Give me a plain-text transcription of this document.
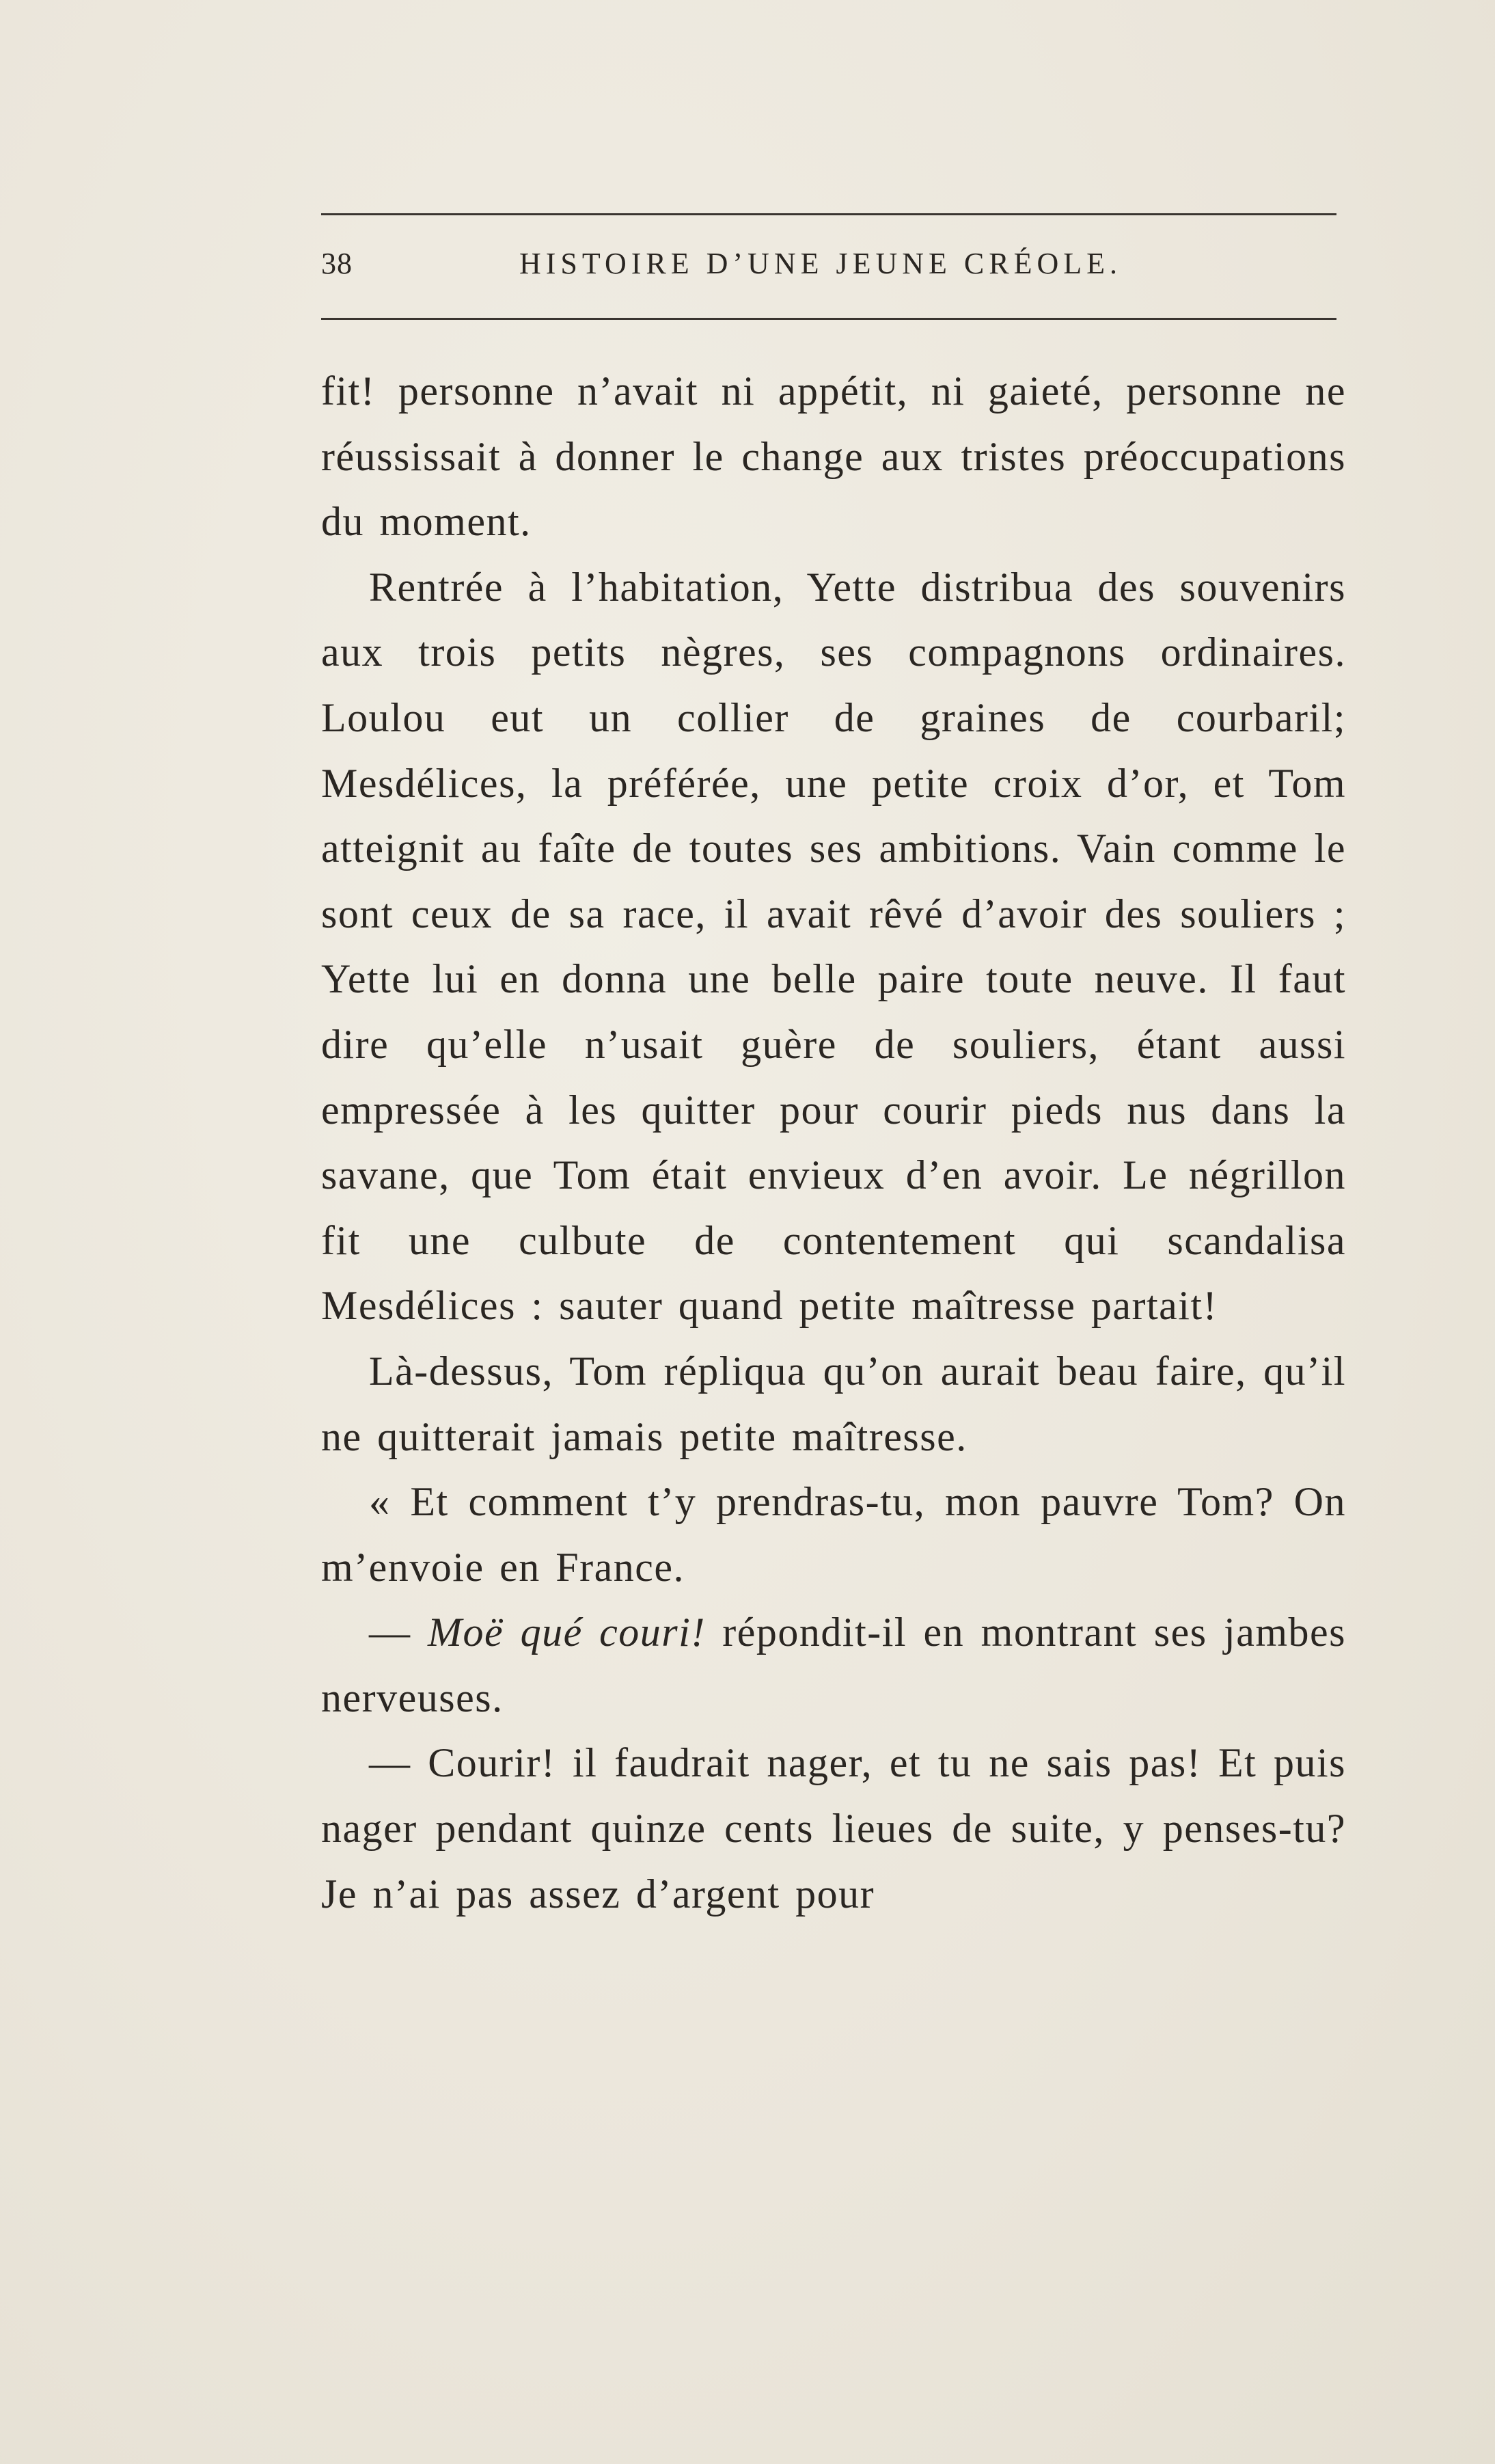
38	HISTOIRE D’UNE JEUNE CRÉOLE.

fit! personne n’avait ni appétit, ni gaieté, personne ne réussissait à donner le change aux tristes préoccupations du moment.

Rentrée à l’habitation, Yette distribua des souvenirs aux trois petits nègres, ses compagnons ordinaires. Loulou eut un collier de graines de courbaril; Mesdélices, la préférée, une petite croix d’or, et Tom atteignit au faîte de toutes ses ambitions. Vain comme le sont ceux de sa race, il avait rêvé d’avoir des souliers ; Yette lui en donna une belle paire toute neuve. Il faut dire qu’elle n’usait guère de souliers, étant aussi empressée à les quitter pour courir pieds nus dans la savane, que Tom était envieux d’en avoir. Le négrillon fit une culbute de contentement qui scandalisa Mesdélices : sauter quand petite maîtresse partait!

Là-dessus, Tom répliqua qu’on aurait beau faire, qu’il ne quitterait jamais petite maîtresse.

« Et comment t’y prendras-tu, mon pauvre Tom? On m’envoie en France.

— Moë qué couri! répondit-il en montrant ses jambes nerveuses.

— Courir! il faudrait nager, et tu ne sais pas! Et puis nager pendant quinze cents lieues de suite, y penses-tu? Je n’ai pas assez d’argent pour
